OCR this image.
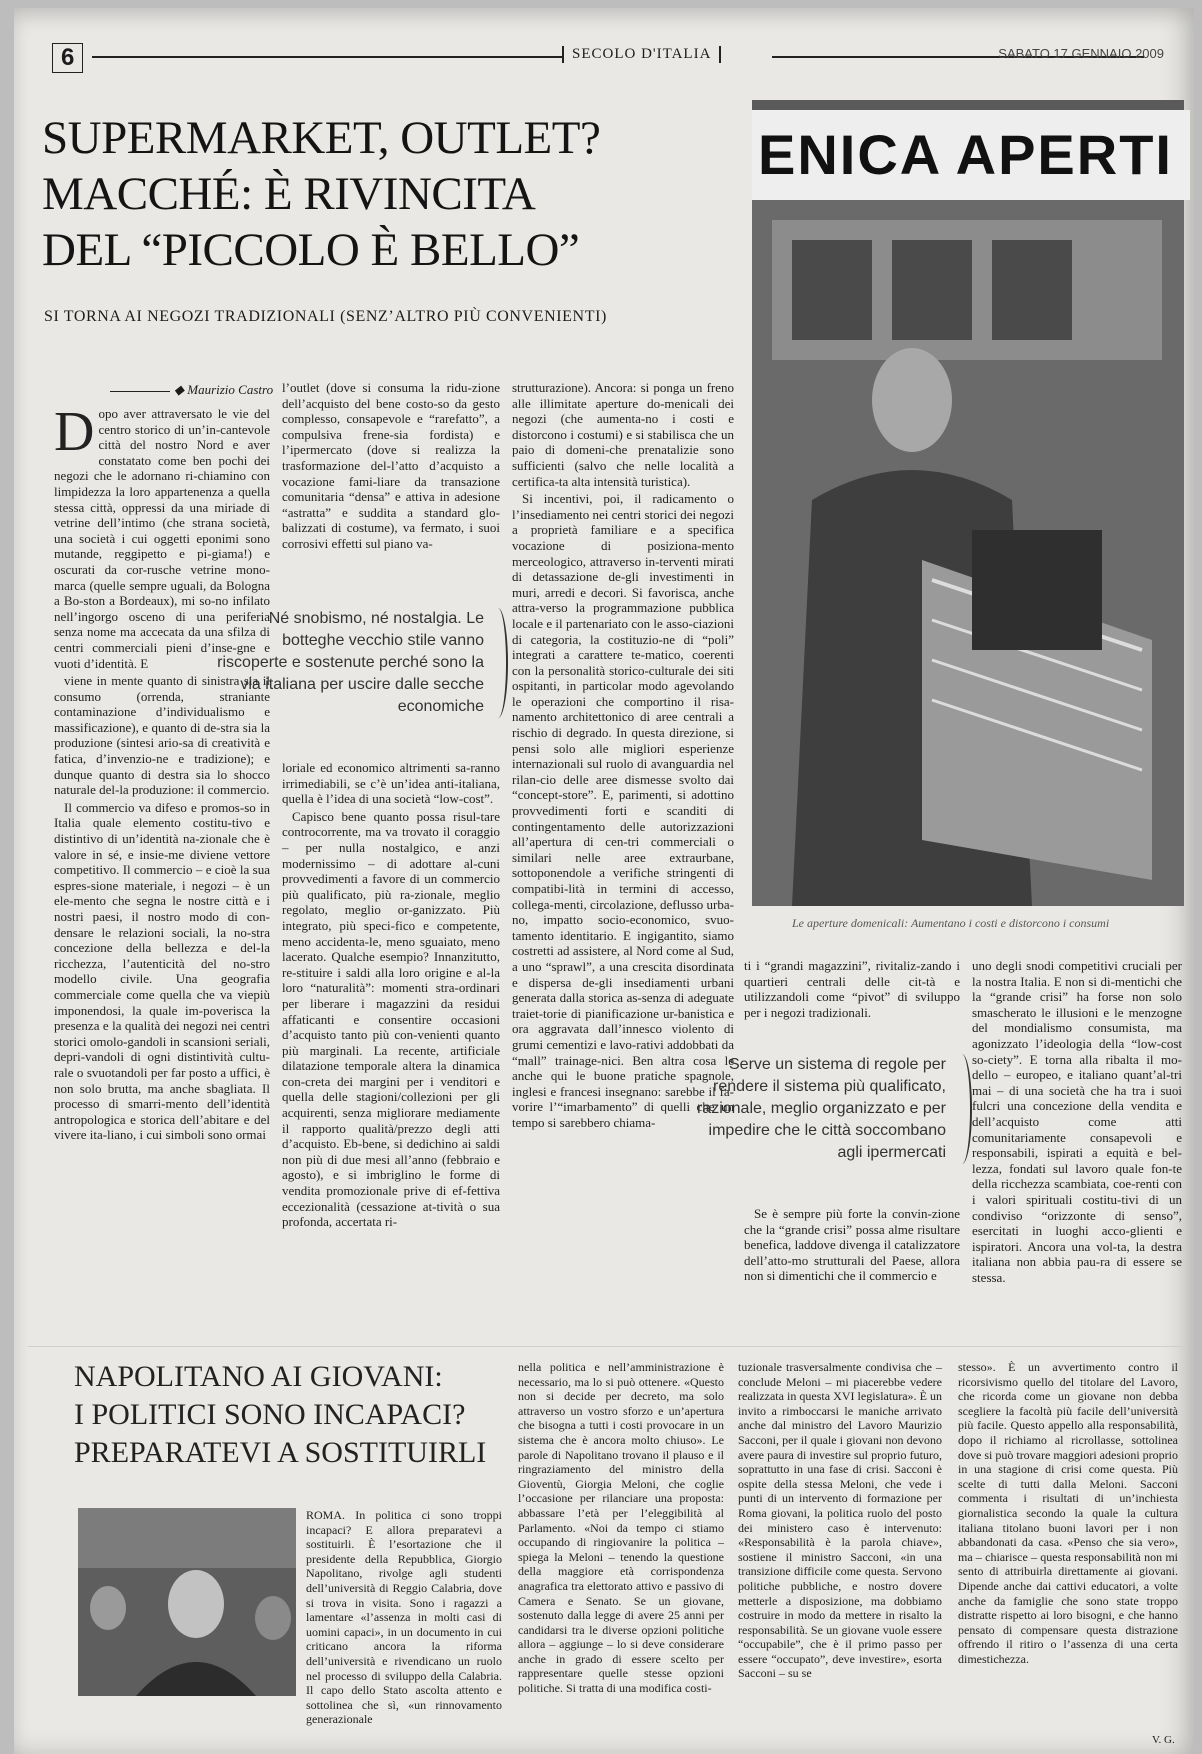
6	SECOLO D'ITALIA	SABATO 17 GENNAIO 2009
SUPERMARKET, OUTLET?
MACCHÉ: È RIVINCITA
DEL “PICCOLO È BELLO”
SI TORNA AI NEGOZI TRADIZIONALI (SENZ’ALTRO PIÙ CONVENIENTI)
ENICA APERTI
Le aperture domenicali: Aumentano i costi e distorcono i consumi
◆ Maurizio Castro

Dopo aver attraversato le vie del centro storico di un’in-cantevole città del nostro Nord e aver constatato come ben pochi dei negozi che le adornano ri-chiamino con limpidezza la loro appartenenza a quella stessa città, oppressi da una miriade di vetrine dell’intimo (che strana società, una società i cui oggetti eponimi sono mutande, reggipetto e pi-giama!) e oscurati da cor-rusche vetrine mono-marca (quelle sempre uguali, da Bologna a Bo-ston a Bordeaux), mi so-no infilato nell’ingorgo osceno di una periferia senza nome ma accecata da una sfilza di centri commerciali pieni d’inse-gne e vuoti d’identità. E

viene in mente quanto di sinistra sia il consumo (orrenda, straniante contaminazione d’individualismo e massificazione), e quanto di de-stra sia la produzione (sintesi ario-sa di creatività e fatica, d’invenzio-ne e tradizione); e dunque quanto di destra sia lo shocco naturale del-la produzione: il commercio.

Il commercio va difeso e promos-so in Italia quale elemento costitu-tivo e distintivo di un’identità na-zionale che è valore in sé, e insie-me diviene vettore competitivo. Il commercio – e cioè la sua espres-sione materiale, i negozi – è un ele-mento che segna le nostre città e i nostri paesi, il nostro modo di con-densare le relazioni sociali, la no-stra concezione della bellezza e del-la ricchezza, l’autenticità del no-stro modello civile. Una geografia commerciale come quella che va viepiù imponendosi, la quale im-poverisca la presenza e la qualità dei negozi nei centri storici omolo-gandoli in scansioni seriali, depri-vandoli di ogni distintività cultu-rale o svuotandoli per far posto a uffici, è non solo brutta, ma anche sbagliata. Il processo di smarri-mento dell’identità antropologica e storica dell’abitare e del vivere ita-liano, i cui simboli sono ormai

l’outlet (dove si consuma la ridu-zione dell’acquisto del bene costo-so da gesto complesso, consapevole e “rarefatto”, a compulsiva frene-sia fordista) e l’ipermercato (dove si realizza la trasformazione del-l’atto d’acquisto a vocazione fami-liare da transazione comunitaria “densa” e attiva in adesione “astratta” e suddita a standard glo-balizzati di costume), va fermato, i suoi corrosivi effetti sul piano va-

Né snobismo, né nostalgia. Le botteghe vecchio stile vanno riscoperte e sostenute perché sono la via italiana per uscire dalle secche economiche

loriale ed economico altrimenti sa-ranno irrimediabili, se c’è un’idea anti-italiana, quella è l’idea di una società “low-cost”.

Capisco bene quanto possa risul-tare controcorrente, ma va trovato il coraggio – per nulla nostalgico, e anzi modernissimo – di adottare al-cuni provvedimenti a favore di un commercio più qualificato, più ra-zionale, meglio regolato, meglio or-ganizzato. Più integrato, più speci-fico e competente, meno accidenta-le, meno sguaiato, meno lacerato. Qualche esempio? Innanzitutto, re-stituire i saldi alla loro origine e al-la loro “naturalità”: momenti stra-ordinari per liberare i magazzini da residui affaticanti e consentire occasioni d’acquisto tanto più con-venienti quanto più marginali. La recente, artificiale dilatazione temporale altera la dinamica con-creta dei margini per i venditori e quella delle stagioni/collezioni per gli acquirenti, senza migliorare mediamente il rapporto qualità/prezzo degli atti d’acquisto. Eb-bene, si dedichino ai saldi non più di due mesi all’anno (febbraio e agosto), e si imbriglino le forme di vendita promozionale prive di ef-fettiva eccezionalità (cessazione at-tività o sua profonda, accertata ri-

strutturazione). Ancora: si ponga un freno alle illimitate aperture do-menicali dei negozi (che aumenta-no i costi e distorcono i costumi) e si stabilisca che un paio di domeni-che prenatalizie sono sufficienti (salvo che nelle località a certifica-ta alta intensità turistica).

Si incentivi, poi, il radicamento o l’insediamento nei centri storici dei negozi a proprietà familiare e a specifica vocazione di posiziona-mento merceologico, attraverso in-terventi mirati di detassazione de-gli investimenti in muri, arredi e decori. Si favorisca, anche attra-verso la programmazione pubblica locale e il partenariato con le asso-ciazioni di categoria, la costituzio-ne di “poli” integrati a carattere te-matico, coerenti con la personalità storico-culturale dei siti ospitanti, in particolar modo agevolando le operazioni che comportino il risa-namento architettonico di aree centrali a rischio di degrado. In questa direzione, si pensi solo alle migliori esperienze internazionali sul ruolo di avanguardia nel rilan-cio delle aree dismesse svolto dai “concept-store”. E, parimenti, si adottino provvedimenti forti e scanditi di contingentamento delle autorizzazioni all’apertura di cen-tri commerciali o similari nelle aree extraurbane, sottoponendole a verifiche stringenti di compatibi-lità in termini di accesso, collega-menti, circolazione, deflusso urba-no, impatto socio-economico, svuo-tamento identitario. E ingigantito, siamo costretti ad assistere, al Nord come al Sud, a uno “sprawl”, a una crescita disordinata e dispersa de-gli insediamenti urbani generata dalla storica as-senza di adeguate traiet-torie di pianificazione ur-banistica e ora aggravata dall’innesco violento di grumi cementizi e lavo-rativi addobbati da “mall” trainage-nici. Ben altra cosa le anche qui le buone pratiche spagnole, inglesi e francesi insegnano: sarebbe il fa-vorire l’“imarbamento” di quelli che un tempo si sarebbero chiama-

ti i “grandi magazzini”, rivitaliz-zando i quartieri centrali delle cit-tà e utilizzandoli come “pivot” di sviluppo per i negozi tradizionali.

Serve un sistema di regole per rendere il sistema più qualificato, razionale, meglio organizzato e per impedire che le città soccombano agli ipermercati

Se è sempre più forte la convin-zione che la “grande crisi” possa alme risultare benefica, laddove divenga il catalizzatore dell’atto-mo strutturali del Paese, allora non si dimentichi che il commercio e

uno degli snodi competitivi cruciali per la nostra Italia. E non si di-mentichi che la “grande crisi” ha forse non solo smascherato le illusioni e le menzogne del mondialismo consumista, ma agonizzato l’ideologia della “low-cost so-ciety”. E torna alla ribalta il mo-dello – europeo, e italiano quant’al-tri mai – di una società che ha tra i suoi fulcri una concezione della vendita e dell’acquisto come atti comunitariamente consapevoli e responsabili, ispirati a equità e bel-lezza, fondati sul lavoro quale fon-te della ricchezza scambiata, coe-renti con i valori spirituali costitu-tivi di un condiviso “orizzonte di senso”, esercitati in luoghi acco-glienti e ispiratori. Ancora una vol-ta, la destra italiana non abbia pau-ra di essere se stessa.

NAPOLITANO AI GIOVANI:
I POLITICI SONO INCAPACI?
PREPARATEVI A SOSTITUIRLI

ROMA. In politica ci sono troppi incapaci? E allora preparatevi a sostituirli. È l’esortazione che il presidente della Repubblica, Giorgio Napolitano, rivolge agli studenti dell’università di Reggio Calabria, dove si trova in visita. Sono i ragazzi a lamentare «l’assenza in molti casi di uomini capaci», in un documento in cui criticano ancora la riforma dell’università e rivendicano un ruolo nel processo di sviluppo della Calabria. Il capo dello Stato ascolta attento e sottolinea che sì, «un rinnovamento generazionale

nella politica e nell’amministrazione è necessario, ma lo si può ottenere. «Questo non si decide per decreto, ma solo attraverso un vostro sforzo e un’apertura che bisogna a tutti i costi provocare in un sistema che è ancora molto chiuso». Le parole di Napolitano trovano il plauso e il ringraziamento del ministro della Gioventù, Giorgia Meloni, che coglie l’occasione per rilanciare una proposta: abbassare l’età per l’eleggibilità al Parlamento. «Noi da tempo ci stiamo occupando di ringiovanire la politica – spiega la Meloni – tenendo la questione della maggiore età corrispondenza anagrafica tra elettorato attivo e passivo di Camera e Senato. Se un giovane, sostenuto dalla legge di avere 25 anni per candidarsi tra le diverse opzioni politiche allora – aggiunge – lo si deve considerare anche in grado di essere scelto per rappresentare quelle stesse opzioni politiche. Si tratta di una modifica costi-

tuzionale trasversalmente condivisa che – conclude Meloni – mi piacerebbe vedere realizzata in questa XVI legislatura». È un invito a rimboccarsi le maniche arrivato anche dal ministro del Lavoro Maurizio Sacconi, per il quale i giovani non devono avere paura di investire sul proprio futuro, soprattutto in una fase di crisi. Sacconi è ospite della stessa Meloni, che vede i punti di un intervento di formazione per Roma giovani, la politica ruolo del posto dei ministero caso è intervenuto: «Responsabilità è la parola chiave», sostiene il ministro Sacconi, «in una transizione difficile come questa. Servono politiche pubbliche, e nostro dovere metterle a disposizione, ma dobbiamo costruire in modo da mettere in risalto la responsabilità. Se un giovane vuole essere “occupabile”, che è il primo passo per essere “occupato”, deve investire», esorta Sacconi – su se

stesso». È un avvertimento contro il ricorsivismo quello del titolare del Lavoro, che ricorda come un giovane non debba scegliere la facoltà più facile dell’università più facile. Questo appello alla responsabilità, dopo il richiamo al ricrollasse, sottolinea dove si può trovare maggiori adesioni proprio in una stagione di crisi come questa. Più scelte di tutti dalla Meloni. Sacconi commenta i risultati di un’inchiesta giornalistica secondo la quale la cultura italiana titolano buoni lavori per i non abbandonati da casa. «Penso che sia vero», ma – chiarisce – questa responsabilità non mi sento di attribuirla direttamente ai giovani. Dipende anche dai cattivi educatori, a volte anche da famiglie che sono state troppo distratte rispetto ai loro bisogni, e che hanno pensato di compensare questa distrazione offrendo il ritiro o l’assenza di una certa dimestichezza.

V. G.
